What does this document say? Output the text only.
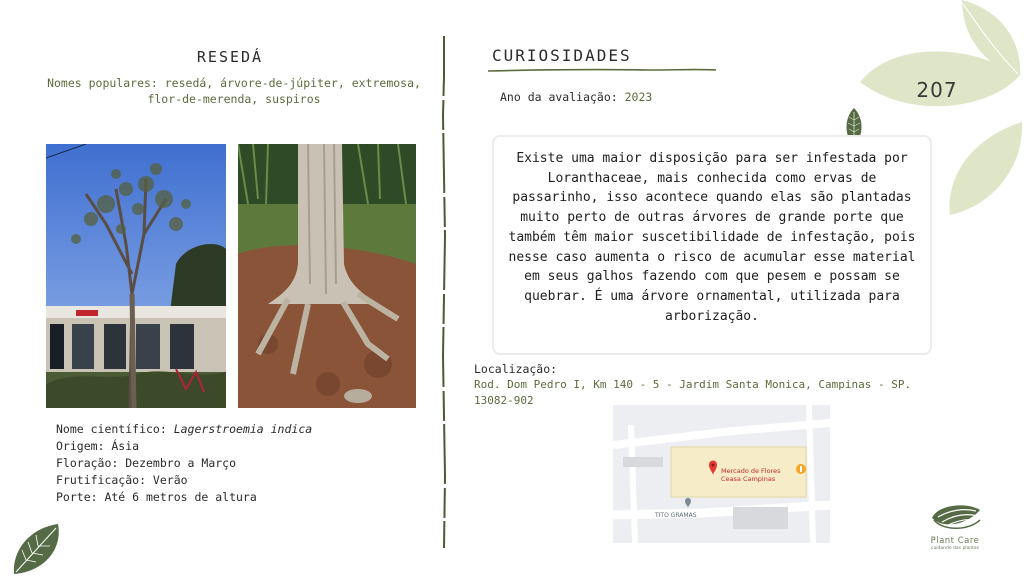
RESEDÁ
Nomes populares: resedá, árvore-de-júpiter, extremosa,
flor-de-merenda, suspiros
Nome científico: Lagerstroemia indica
Origem: Ásia
Floração: Dezembro a Março
Frutificação: Verão
Porte: Até 6 metros de altura
CURIOSIDADES
Ano da avaliação: 2023	207

Existe uma maior disposição para ser infestada por Loranthaceae, mais conhecida como ervas de passarinho, isso acontece quando elas são plantadas muito perto de outras árvores de grande porte que também têm maior suscetibilidade de infestação, pois nesse caso aumenta o risco de acumular esse material em seus galhos fazendo com que pesem e possam se quebrar. É uma árvore ornamental, utilizada para arborização.

Localização:
Rod. Dom Pedro I, Km 140 - 5 - Jardim Santa Monica, Campinas - SP.
13082-902
Mercado de Flores
Ceasa Campinas
TITO GRAMAS
Plant Care
cuidando das plantas
